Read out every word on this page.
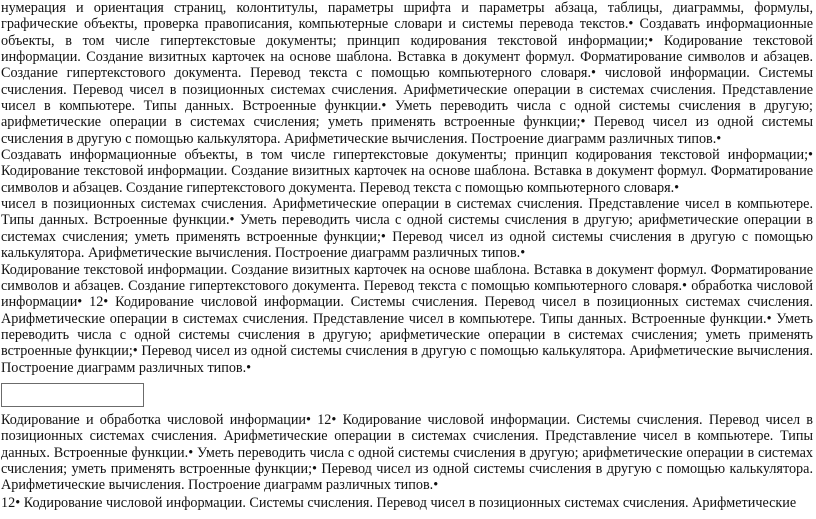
нумерация и ориентация страниц, колонтитулы, параметры шрифта и параметры абзаца, таблицы, диаграммы, формулы, графические объекты, проверка правописания, компьютерные словари и системы перевода текстов.• Создавать информационные объекты, в том числе гипертекстовые документы; принцип кодирования текстовой информации;• Кодирование текстовой информации. Создание визитных карточек на основе шаблона. Вставка в документ формул. Форматирование символов и абзацев. Создание гипертекстового документа. Перевод текста с помощью компьютерного словаря.• числовой информации. Системы счисления. Перевод чисел в позиционных системах счисления. Арифметические операции в системах счисления. Представление чисел в компьютере. Типы данных. Встроенные функции.• Уметь переводить числа с одной системы счисления в другую; арифметические операции в системах счисления; уметь применять встроенные функции;• Перевод чисел из одной системы счисления в другую с помощью калькулятора. Арифметические вычисления. Построение диаграмм различных типов.•

Создавать информационные объекты, в том числе гипертекстовые документы; принцип кодирования текстовой информации;• Кодирование текстовой информации. Создание визитных карточек на основе шаблона. Вставка в документ формул. Форматирование символов и абзацев. Создание гипертекстового документа. Перевод текста с помощью компьютерного словаря.•

чисел в позиционных системах счисления. Арифметические операции в системах счисления. Представление чисел в компьютере. Типы данных. Встроенные функции.• Уметь переводить числа с одной системы счисления в другую; арифметические операции в системах счисления; уметь применять встроенные функции;• Перевод чисел из одной системы счисления в другую с помощью калькулятора. Арифметические вычисления. Построение диаграмм различных типов.•

Кодирование текстовой информации. Создание визитных карточек на основе шаблона. Вставка в документ формул. Форматирование символов и абзацев. Создание гипертекстового документа. Перевод текста с помощью компьютерного словаря.• обработка числовой информации• 12• Кодирование числовой информации. Системы счисления. Перевод чисел в позиционных системах счисления. Арифметические операции в системах счисления. Представление чисел в компьютере. Типы данных. Встроенные функции.• Уметь переводить числа с одной системы счисления в другую; арифметические операции в системах счисления; уметь применять встроенные функции;• Перевод чисел из одной системы счисления в другую с помощью калькулятора. Арифметические вычисления. Построение диаграмм различных типов.•

Кодирование и обработка числовой информации• 12• Кодирование числовой информации. Системы счисления. Перевод чисел в позиционных системах счисления. Арифметические операции в системах счисления. Представление чисел в компьютере. Типы данных. Встроенные функции.• Уметь переводить числа с одной системы счисления в другую; арифметические операции в системах счисления; уметь применять встроенные функции;• Перевод чисел из одной системы счисления в другую с помощью калькулятора. Арифметические вычисления. Построение диаграмм различных типов.•

12• Кодирование числовой информации. Системы счисления. Перевод чисел в позиционных системах счисления. Арифметические
